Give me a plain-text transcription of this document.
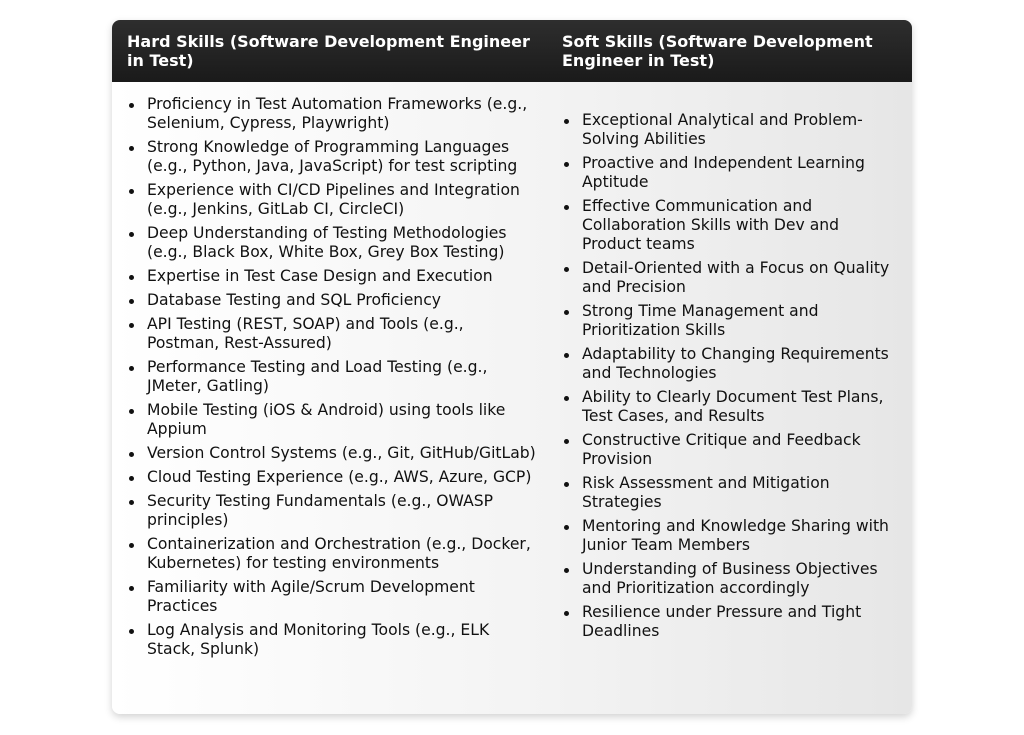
Hard Skills (Software Development Engineer in Test)
Soft Skills (Software Development Engineer in Test)
Proficiency in Test Automation Frameworks (e.g., Selenium, Cypress, Playwright)
Strong Knowledge of Programming Languages (e.g., Python, Java, JavaScript) for test scripting
Experience with CI/CD Pipelines and Integration (e.g., Jenkins, GitLab CI, CircleCI)
Deep Understanding of Testing Methodologies (e.g., Black Box, White Box, Grey Box Testing)
Expertise in Test Case Design and Execution
Database Testing and SQL Proficiency
API Testing (REST, SOAP) and Tools (e.g., Postman, Rest-Assured)
Performance Testing and Load Testing (e.g., JMeter, Gatling)
Mobile Testing (iOS & Android) using tools like Appium
Version Control Systems (e.g., Git, GitHub/GitLab)
Cloud Testing Experience (e.g., AWS, Azure, GCP)
Security Testing Fundamentals (e.g., OWASP principles)
Containerization and Orchestration (e.g., Docker, Kubernetes) for testing environments
Familiarity with Agile/Scrum Development Practices
Log Analysis and Monitoring Tools (e.g., ELK Stack, Splunk)
Exceptional Analytical and Problem-Solving Abilities
Proactive and Independent Learning Aptitude
Effective Communication and Collaboration Skills with Dev and Product teams
Detail-Oriented with a Focus on Quality and Precision
Strong Time Management and Prioritization Skills
Adaptability to Changing Requirements and Technologies
Ability to Clearly Document Test Plans, Test Cases, and Results
Constructive Critique and Feedback Provision
Risk Assessment and Mitigation Strategies
Mentoring and Knowledge Sharing with Junior Team Members
Understanding of Business Objectives and Prioritization accordingly
Resilience under Pressure and Tight Deadlines
